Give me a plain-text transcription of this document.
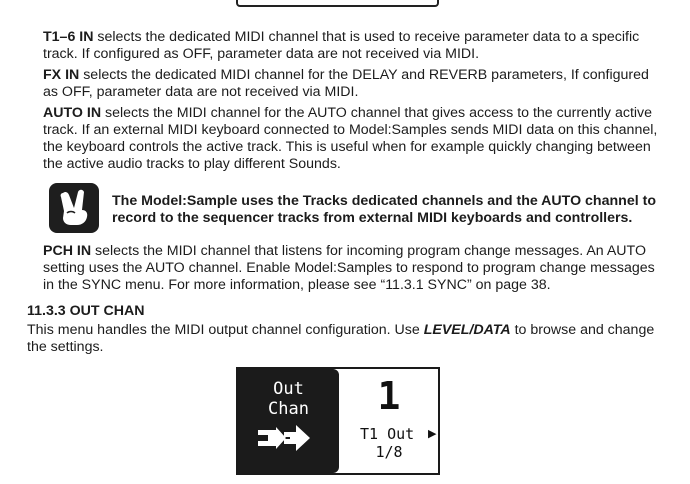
T1–6 IN selects the dedicated MIDI channel that is used to receive parameter data to a specific track. If configured as OFF, parameter data are not received via MIDI.

FX IN selects the dedicated MIDI channel for the DELAY and REVERB parameters, If configured as OFF, parameter data are not received via MIDI.

AUTO IN selects the MIDI channel for the AUTO channel that gives access to the currently active track. If an external MIDI keyboard connected to Model:Samples sends MIDI data on this channel, the keyboard controls the active track. This is useful when for example quickly changing between the active audio tracks to play different Sounds.

The Model:Sample uses the Tracks dedicated channels and the AUTO channel to record to the sequencer tracks from external MIDI keyboards and controllers.

PCH IN selects the MIDI channel that listens for incoming program change messages. An AUTO setting uses the AUTO channel. Enable Model:Samples to respond to program change messages in the SYNC menu. For more information, please see “11.3.1 SYNC” on page 38.

11.3.3 OUT CHAN

This menu handles the MIDI output channel configuration. Use LEVEL/DATA to browse and change the settings.

Out
Chan	1
T1 Out ▶
1/8
